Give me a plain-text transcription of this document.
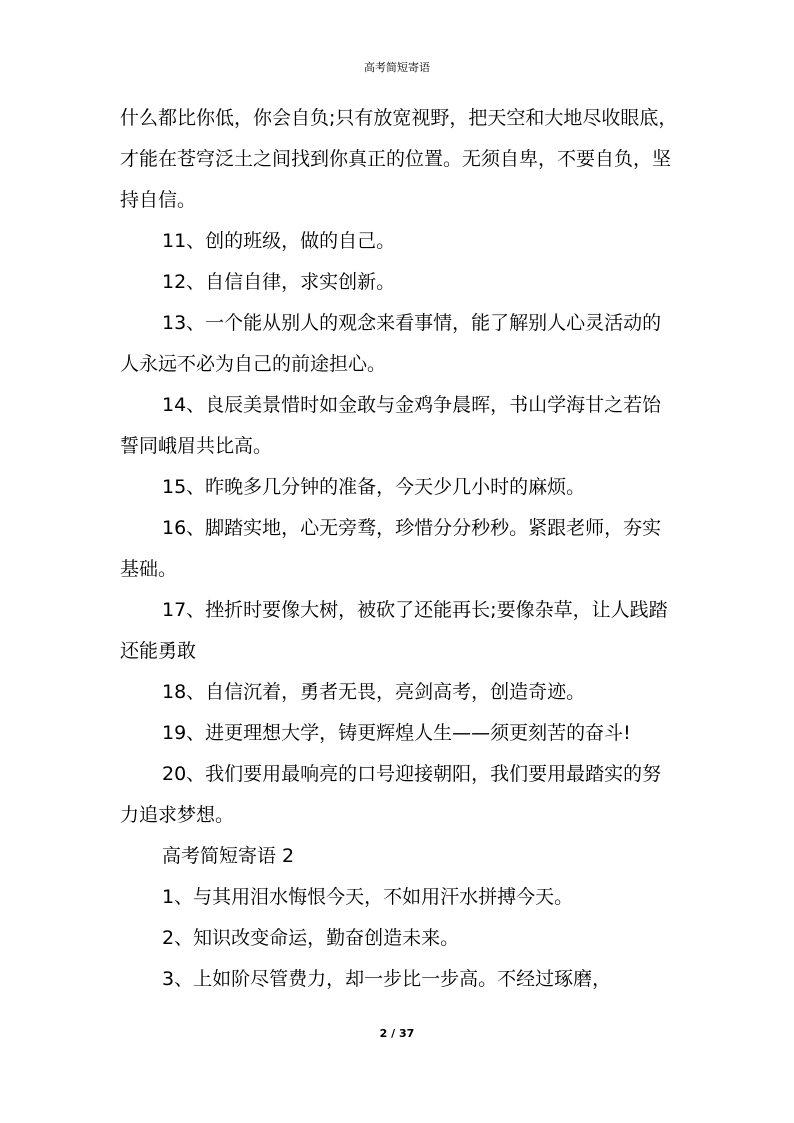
高考简短寄语

什么都比你低，你会自负;只有放宽视野，把天空和大地尽收眼底，才能在苍穹泛土之间找到你真正的位置。无须自卑，不要自负，坚持自信。

11、创的班级，做的自己。

12、自信自律，求实创新。

13、一个能从别人的观念来看事情，能了解别人心灵活动的人永远不必为自己的前途担心。

14、良辰美景惜时如金敢与金鸡争晨晖，书山学海甘之若饴誓同峨眉共比高。

15、昨晚多几分钟的准备，今天少几小时的麻烦。

16、脚踏实地，心无旁骛，珍惜分分秒秒。紧跟老师，夯实基础。

17、挫折时要像大树，被砍了还能再长;要像杂草，让人践踏还能勇敢

18、自信沉着，勇者无畏，亮剑高考，创造奇迹。

19、进更理想大学，铸更辉煌人生——须更刻苦的奋斗!

20、我们要用最响亮的口号迎接朝阳，我们要用最踏实的努力追求梦想。

高考简短寄语 2

1、与其用泪水悔恨今天，不如用汗水拼搏今天。

2、知识改变命运，勤奋创造未来。

3、上如阶尽管费力，却一步比一步高。不经过琢磨，

2 / 37
